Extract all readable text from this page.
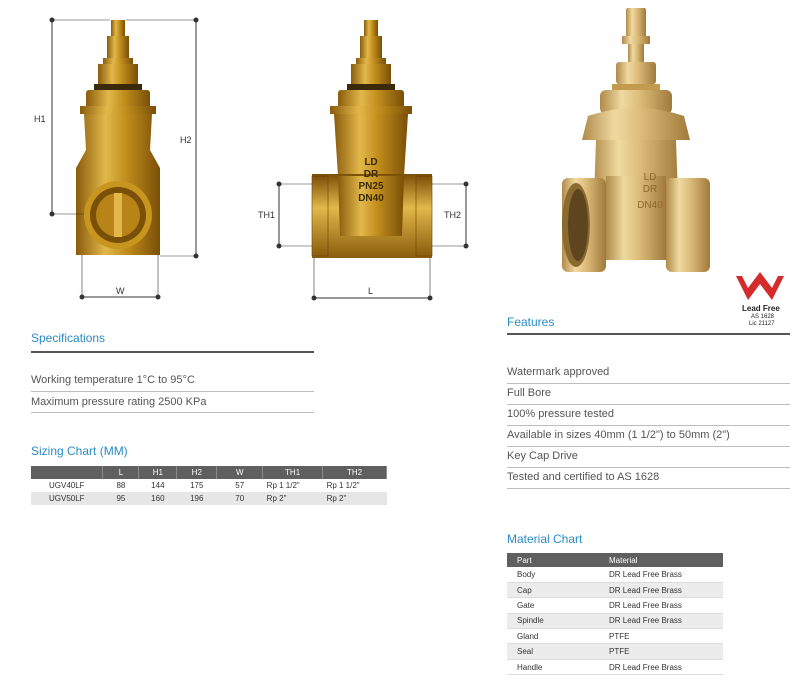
LD
DR
PN25
DN40
LD
DR
DN40
H1
H2
W
TH1	TH2
L
Lead Free
AS 1628
Lic 21127
Specifications
Working temperature 1°C to 95°C
Maximum pressure rating 2500 KPa
Sizing Chart (MM)
	L	H1	H2	W	TH1	TH2
UGV40LF	88	144	175	57	Rp 1 1/2"	Rp 1 1/2"
UGV50LF	95	160	196	70	Rp 2"	Rp 2"
Features
Watermark approved
Full Bore
100% pressure tested
Available in sizes 40mm (1 1/2") to 50mm (2")
Key Cap Drive
Tested and certified to AS 1628
Material Chart
Part	Material
Body	DR Lead Free Brass
Cap	DR Lead Free Brass
Gate	DR Lead Free Brass
Spindle	DR Lead Free Brass
Gland	PTFE
Seal	PTFE
Handle	DR Lead Free Brass
